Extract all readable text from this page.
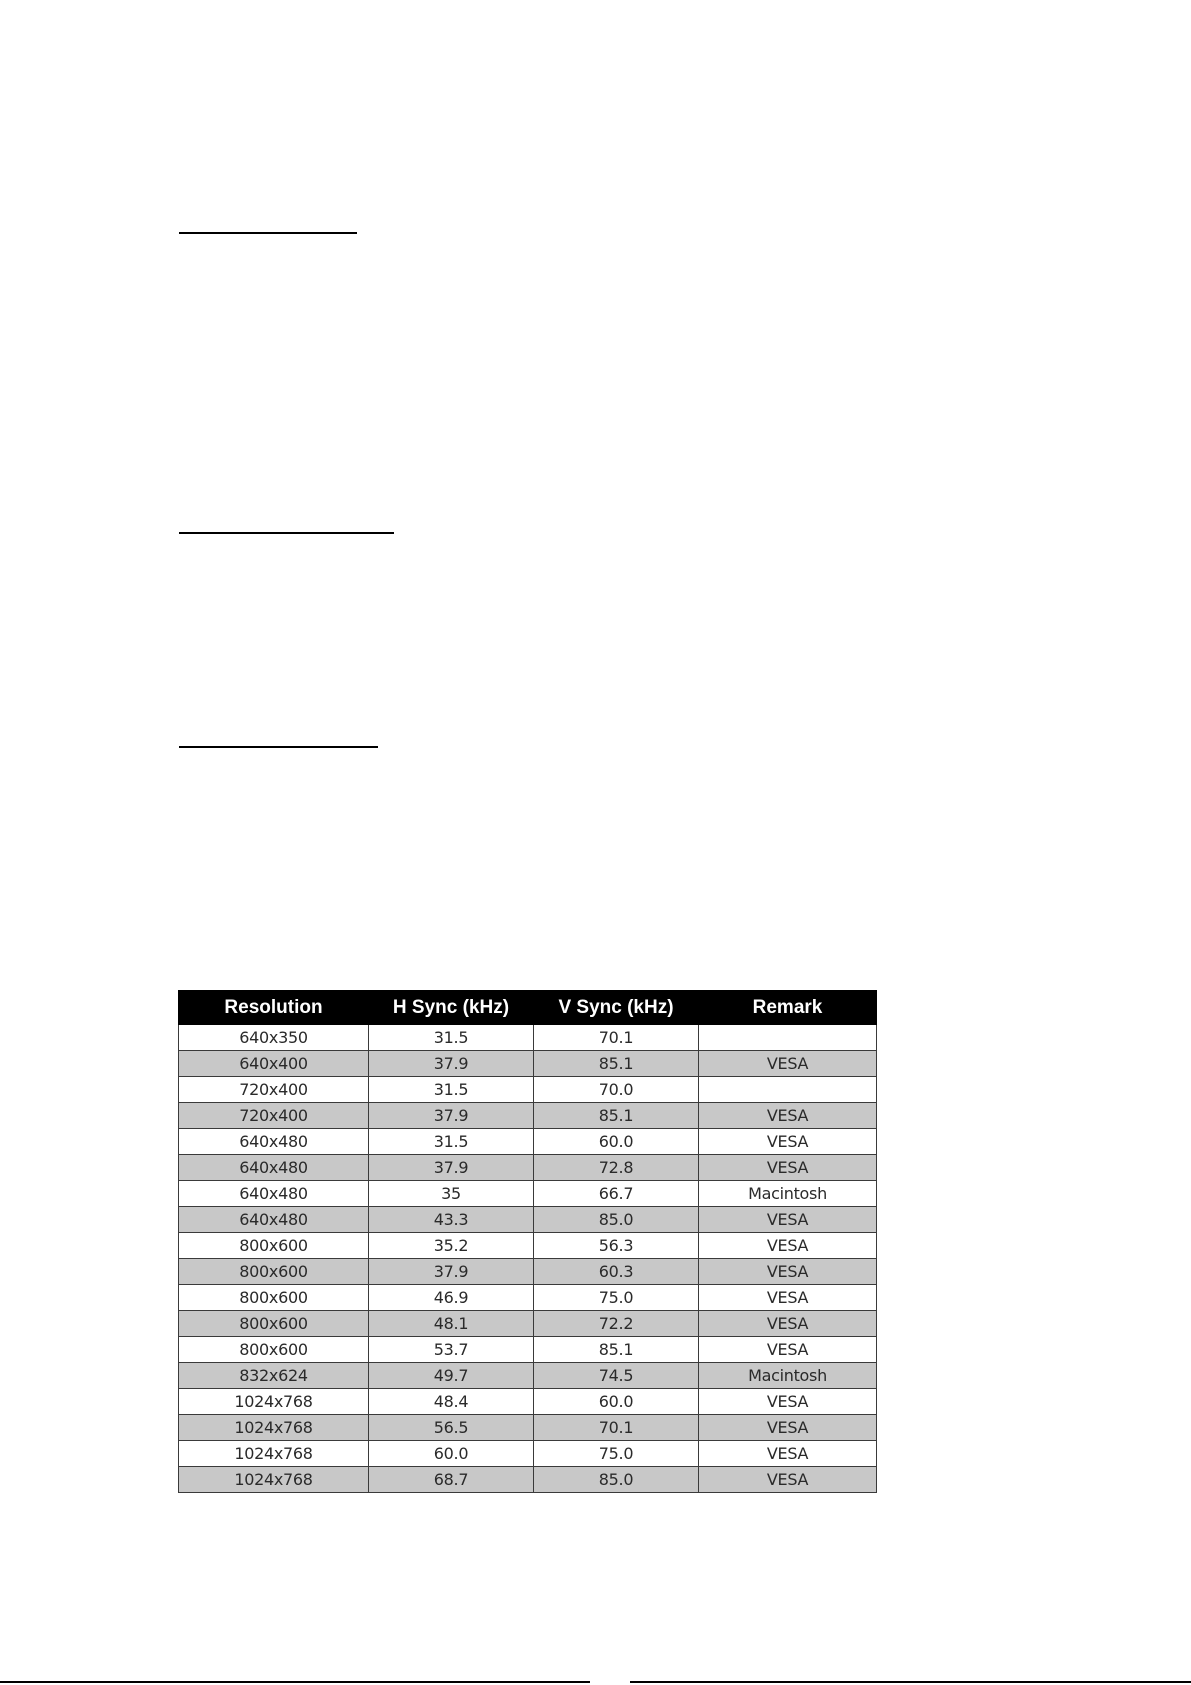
Resolution	H Sync (kHz)	V Sync (kHz)	Remark
640x350	31.5	70.1	
640x400	37.9	85.1	VESA
720x400	31.5	70.0	
720x400	37.9	85.1	VESA
640x480	31.5	60.0	VESA
640x480	37.9	72.8	VESA
640x480	35	66.7	Macintosh
640x480	43.3	85.0	VESA
800x600	35.2	56.3	VESA
800x600	37.9	60.3	VESA
800x600	46.9	75.0	VESA
800x600	48.1	72.2	VESA
800x600	53.7	85.1	VESA
832x624	49.7	74.5	Macintosh
1024x768	48.4	60.0	VESA
1024x768	56.5	70.1	VESA
1024x768	60.0	75.0	VESA
1024x768	68.7	85.0	VESA
